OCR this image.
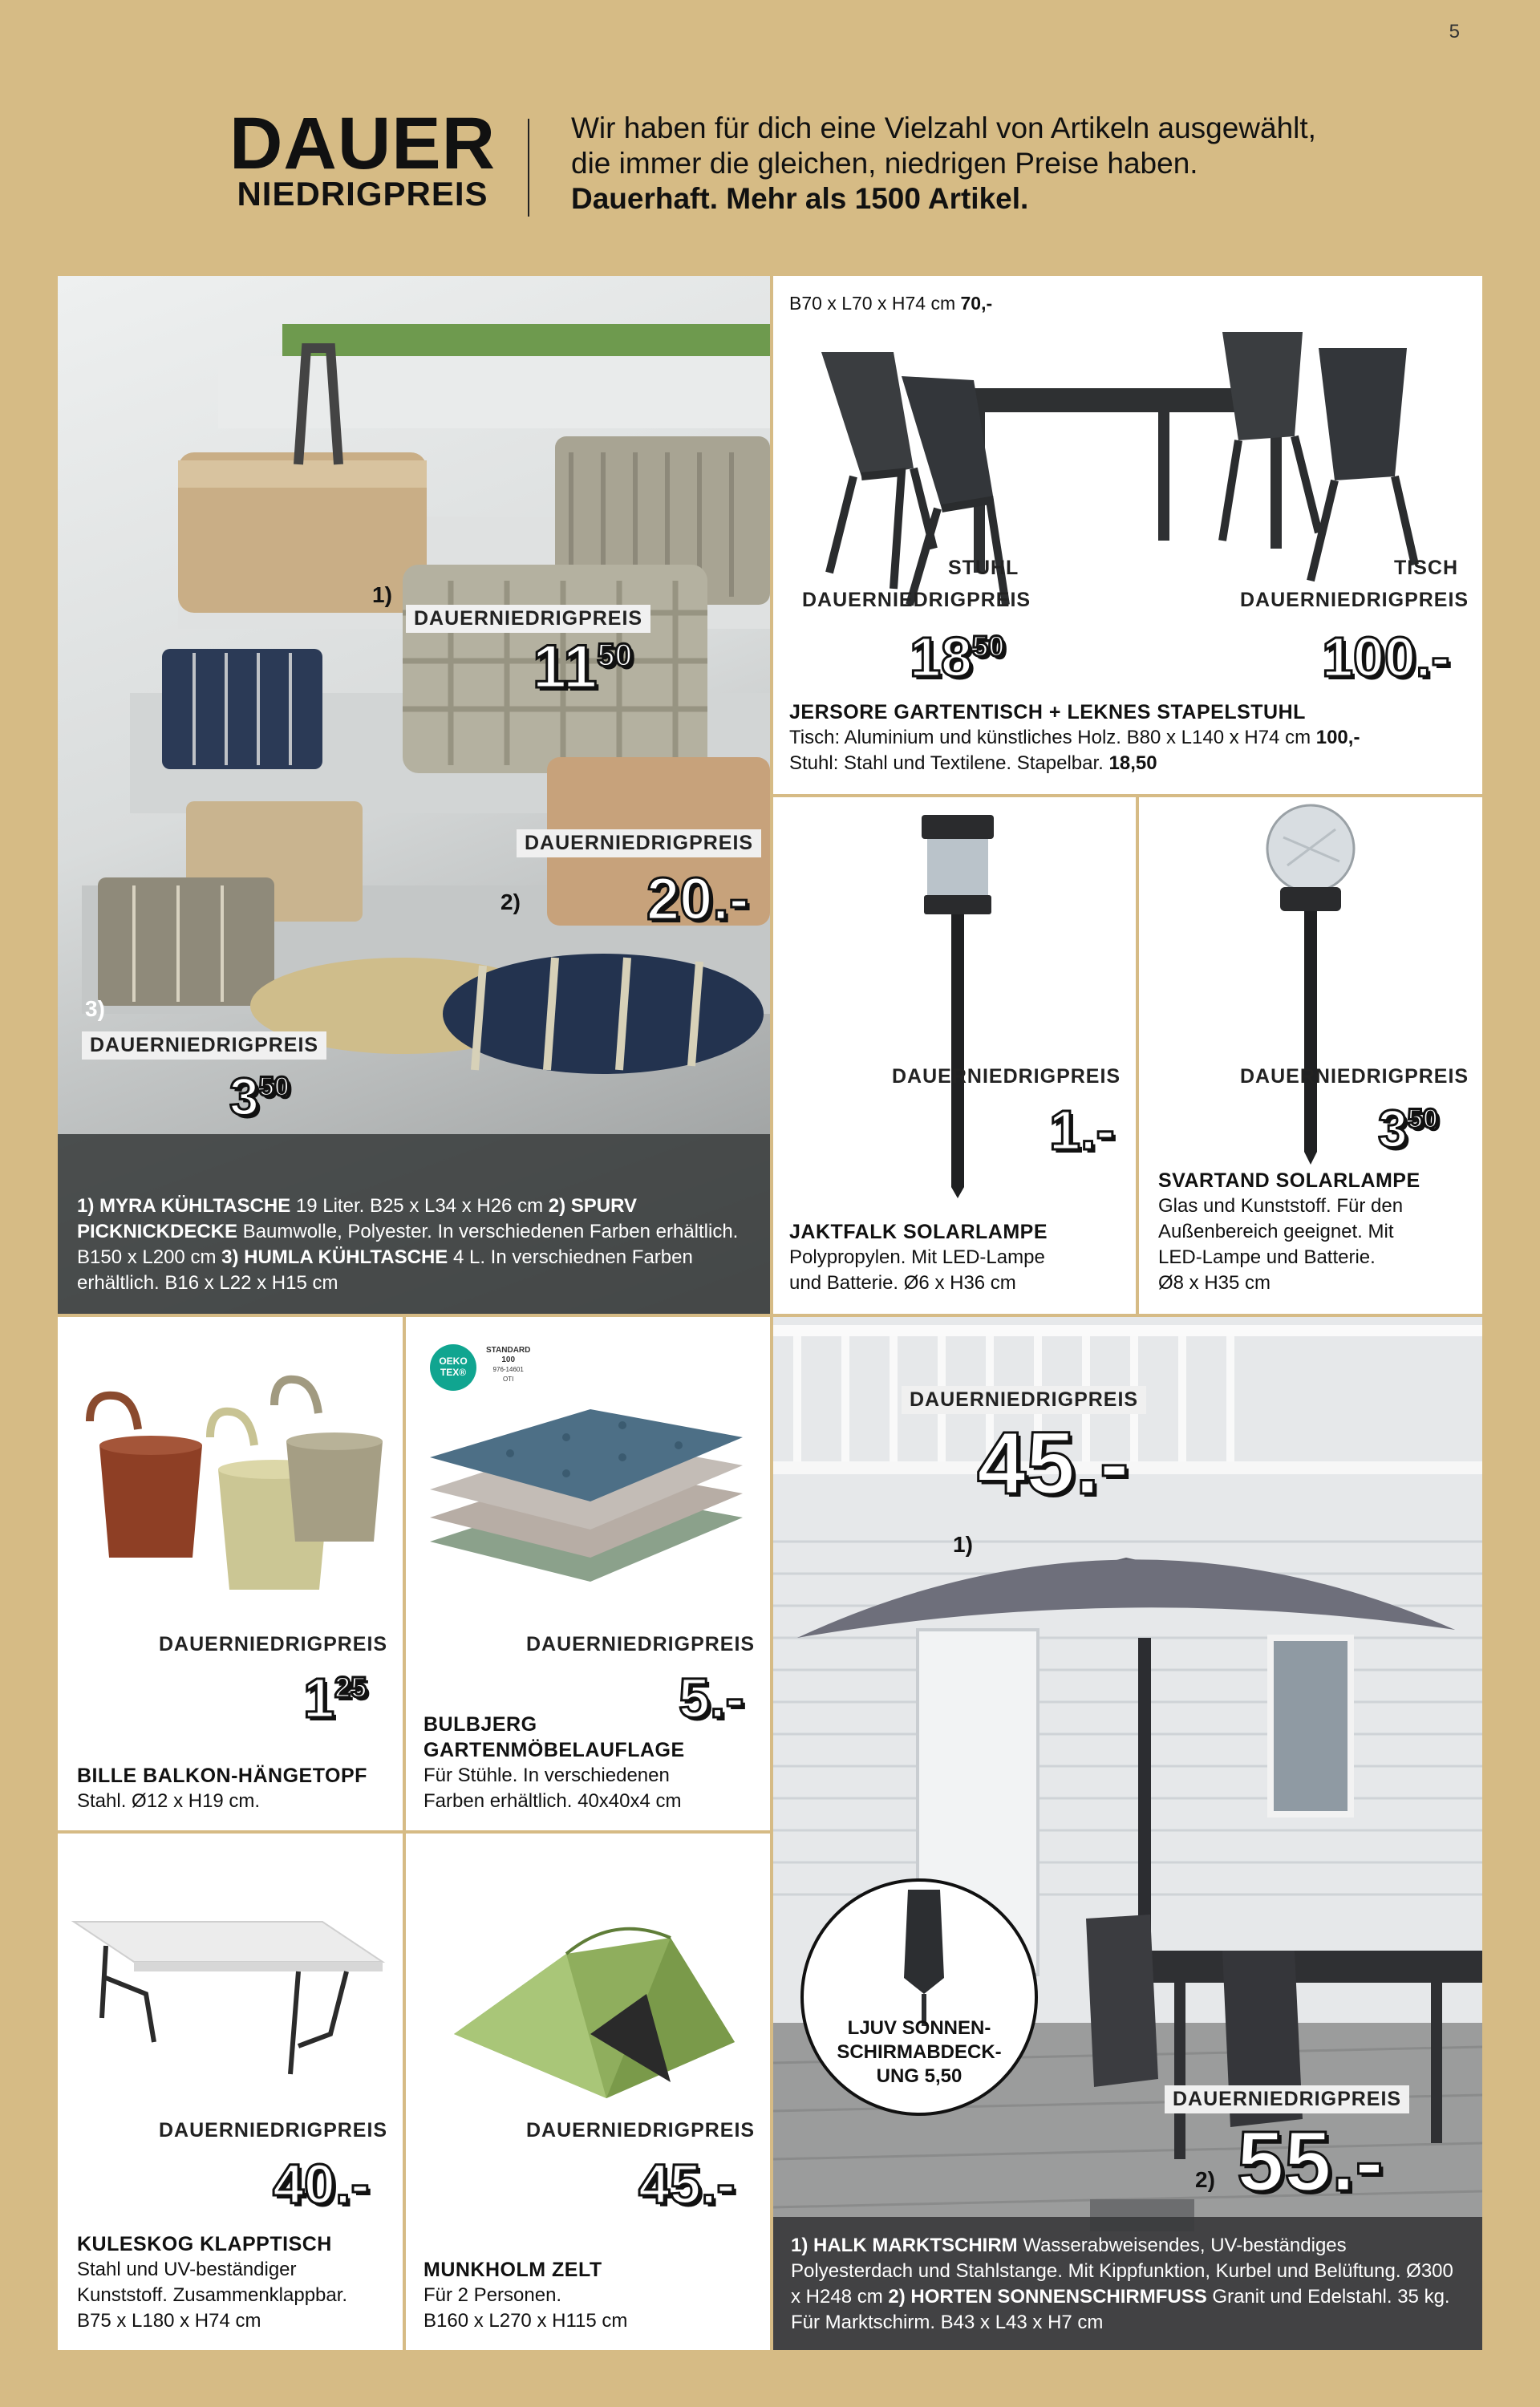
5
DAUER
NIEDRIGPREIS
Wir haben für dich eine Vielzahl von Artikeln ausgewählt,
die immer die gleichen, niedrigen Preise haben.
Dauerhaft. Mehr als 1500 Artikel.
1)
DAUERNIEDRIGPREIS
$11^{50}$
DAUERNIEDRIGPREIS
2) 20.-
3)
DAUERNIEDRIGPREIS
$3^{50}$
1) MYRA KÜHLTASCHE 19 Liter. B25 x L34 x H26 cm 2) SPURV PICKNICKDECKE Baumwolle, Polyester. In verschiedenen Farben erhältlich. B150 x L200 cm 3) HUMLA KÜHLTASCHE 4 L. In verschiednen Farben erhältlich. B16 x L22 x H15 cm
B70 x L70 x H74 cm 70,-
STUHL	TISCH
DAUERNIEDRIGPREIS	DAUERNIEDRIGPREIS
$18^{50}$	100.-
JERSORE GARTENTISCH + LEKNES STAPELSTUHL
Tisch: Aluminium und künstliches Holz. B80 x L140 x H74 cm 100,-
Stuhl: Stahl und Textilene. Stapelbar. 18,50
DAUERNIEDRIGPREIS
1.-
JAKTFALK SOLARLAMPE
Polypropylen. Mit LED-Lampe
und Batterie. Ø6 x H36 cm
DAUERNIEDRIGPREIS
$3^{50}$
SVARTAND SOLARLAMPE
Glas und Kunststoff. Für den
Außenbereich geeignet. Mit
LED-Lampe und Batterie.
Ø8 x H35 cm
DAUERNIEDRIGPREIS
$1^{25}$
BILLE BALKON-HÄNGETOPF
Stahl. Ø12 x H19 cm.
OEKO
TEX®
STANDARD
100
976-14601
OTI
DAUERNIEDRIGPREIS
5.-
BULBJERG
GARTENMÖBELAUFLAGE
Für Stühle. In verschiedenen
Farben erhältlich. 40x40x4 cm
DAUERNIEDRIGPREIS
40.-
KULESKOG KLAPPTISCH
Stahl und UV-beständiger
Kunststoff. Zusammenklappbar.
B75 x L180 x H74 cm
DAUERNIEDRIGPREIS
45.-
MUNKHOLM ZELT
Für 2 Personen.
B160 x L270 x H115 cm
DAUERNIEDRIGPREIS
45.-
1)
LJUV SONNEN-
SCHIRMABDECK-
UNG 5,50
DAUERNIEDRIGPREIS
2) 55.-
1) HALK MARKTSCHIRM Wasserabweisendes, UV-beständiges Polyesterdach und Stahlstange. Mit Kippfunktion, Kurbel und Belüftung. Ø300 x H248 cm 2) HORTEN SONNENSCHIRMFUSS Granit und Edelstahl. 35 kg. Für Marktschirm. B43 x L43 x H7 cm
